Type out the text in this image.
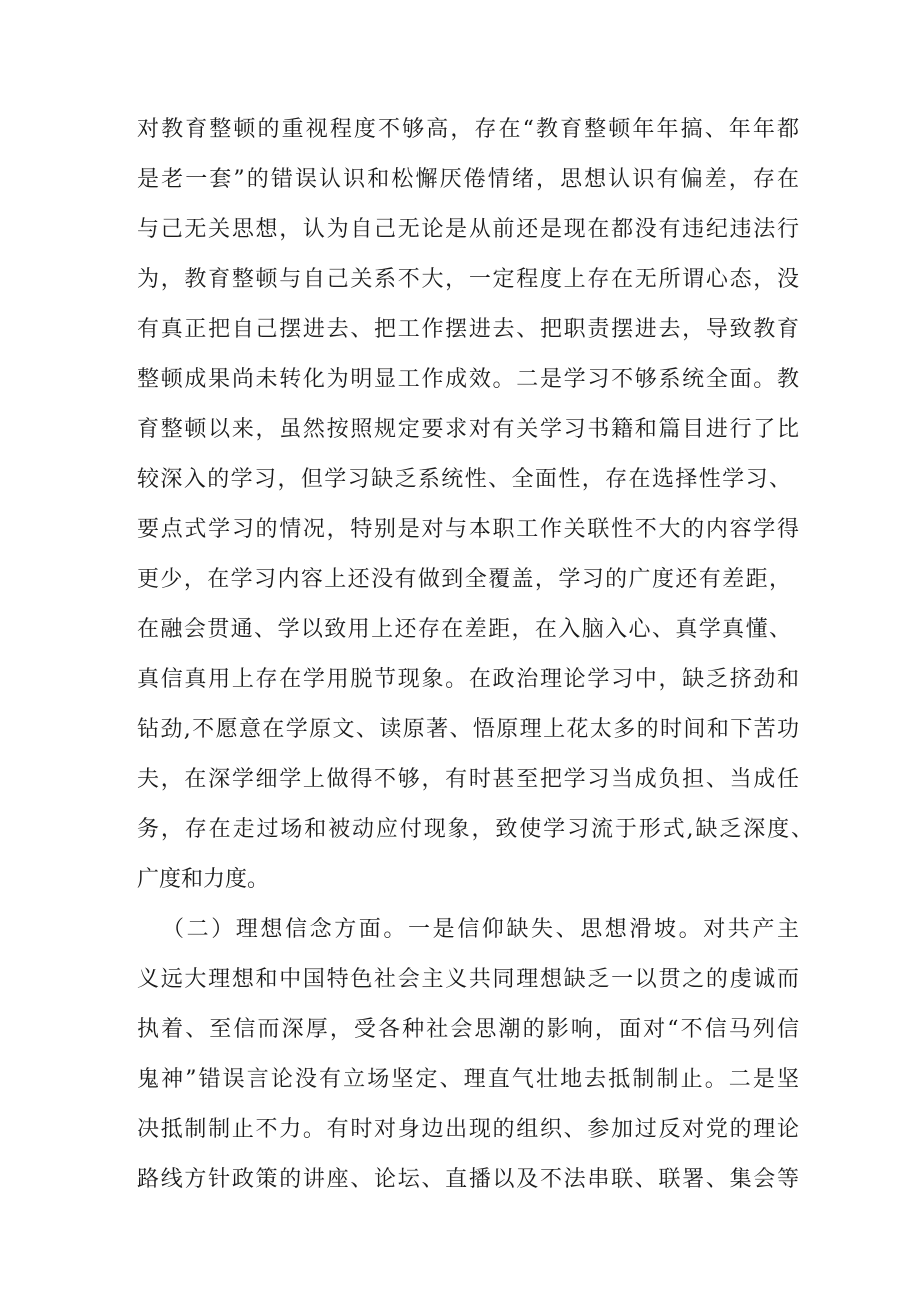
对教育整顿的重视程度不够高，存在“教育整顿年年搞、年年都
是老一套”的错误认识和松懈厌倦情绪，思想认识有偏差，存在
与己无关思想，认为自己无论是从前还是现在都没有违纪违法行
为，教育整顿与自己关系不大，一定程度上存在无所谓心态，没
有真正把自己摆进去、把工作摆进去、把职责摆进去，导致教育
整顿成果尚未转化为明显工作成效。二是学习不够系统全面。教
育整顿以来，虽然按照规定要求对有关学习书籍和篇目进行了比
较深入的学习，但学习缺乏系统性、全面性，存在选择性学习、
要点式学习的情况，特别是对与本职工作关联性不大的内容学得
更少，在学习内容上还没有做到全覆盖，学习的广度还有差距，
在融会贯通、学以致用上还存在差距，在入脑入心、真学真懂、
真信真用上存在学用脱节现象。在政治理论学习中，缺乏挤劲和
钻劲,不愿意在学原文、读原著、悟原理上花太多的时间和下苦功
夫，在深学细学上做得不够，有时甚至把学习当成负担、当成任
务，存在走过场和被动应付现象，致使学习流于形式,缺乏深度、
广度和力度。
（二）理想信念方面。一是信仰缺失、思想滑坡。对共产主
义远大理想和中国特色社会主义共同理想缺乏一以贯之的虔诚而
执着、至信而深厚，受各种社会思潮的影响，面对“不信马列信
鬼神”错误言论没有立场坚定、理直气壮地去抵制制止。二是坚
决抵制制止不力。有时对身边出现的组织、参加过反对党的理论
路线方针政策的讲座、论坛、直播以及不法串联、联署、集会等
